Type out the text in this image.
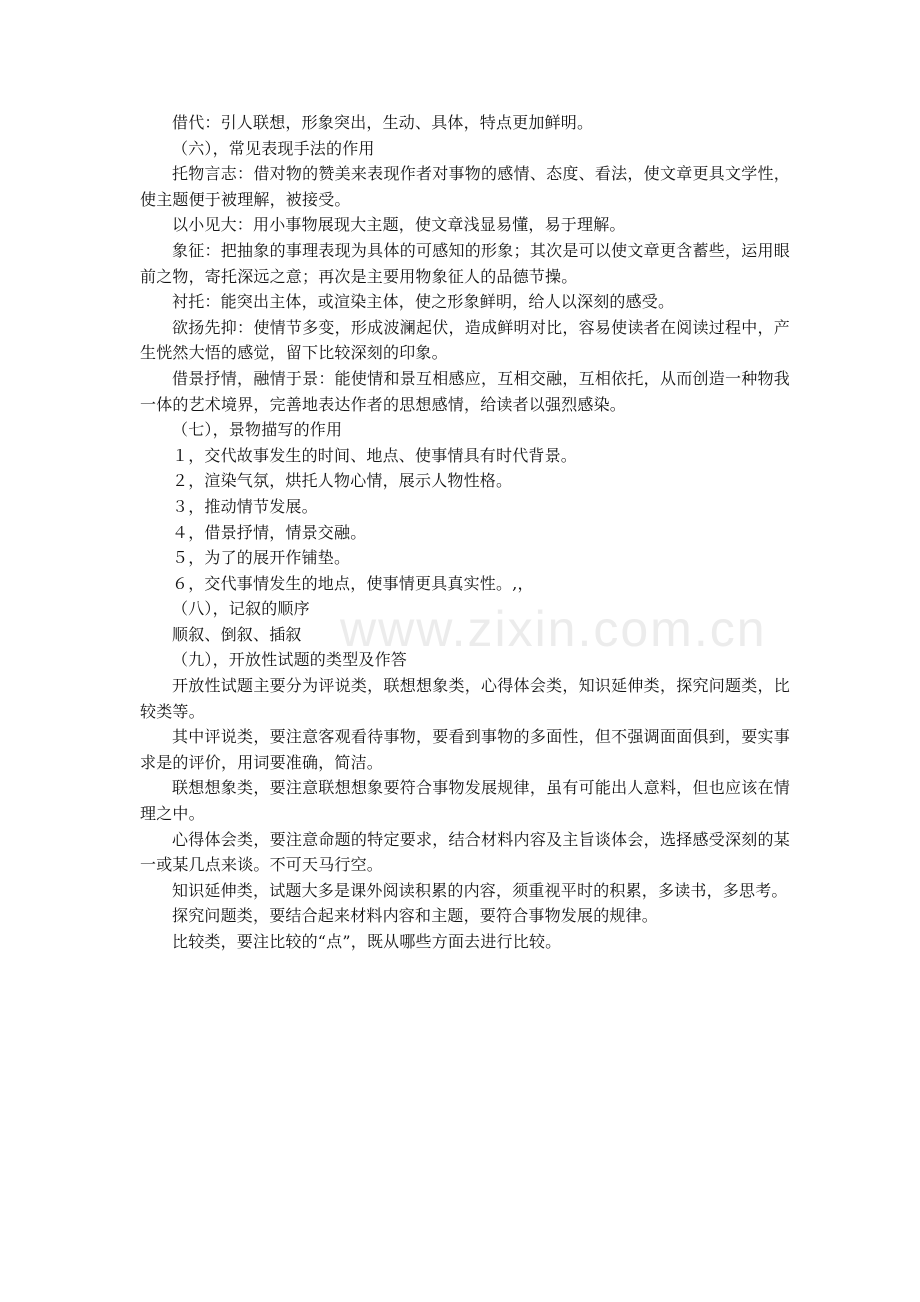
www.zixin.com.cn

借代：引人联想，形象突出，生动、具体，特点更加鲜明。

（六），常见表现手法的作用

托物言志：借对物的赞美来表现作者对事物的感情、态度、看法，使文章更具文学性，使主题便于被理解，被接受。

以小见大：用小事物展现大主题，使文章浅显易懂，易于理解。

象征：把抽象的事理表现为具体的可感知的形象；其次是可以使文章更含蓄些，运用眼前之物，寄托深远之意；再次是主要用物象征人的品德节操。

衬托：能突出主体，或渲染主体，使之形象鲜明，给人以深刻的感受。

欲扬先抑：使情节多变，形成波澜起伏，造成鲜明对比，容易使读者在阅读过程中，产生恍然大悟的感觉，留下比较深刻的印象。

借景抒情，融情于景：能使情和景互相感应，互相交融，互相依托，从而创造一种物我一体的艺术境界，完善地表达作者的思想感情，给读者以强烈感染。

（七），景物描写的作用

１，交代故事发生的时间、地点、使事情具有时代背景。

２，渲染气氛，烘托人物心情，展示人物性格。

３，推动情节发展。

４，借景抒情，情景交融。

５，为了的展开作铺垫。

６，交代事情发生的地点，使事情更具真实性。,，

（八），记叙的顺序

顺叙、倒叙、插叙

（九），开放性试题的类型及作答

开放性试题主要分为评说类，联想想象类，心得体会类，知识延伸类，探究问题类，比较类等。

其中评说类，要注意客观看待事物，要看到事物的多面性，但不强调面面俱到，要实事求是的评价，用词要准确，简洁。

联想想象类，要注意联想想象要符合事物发展规律，虽有可能出人意料，但也应该在情理之中。

心得体会类，要注意命题的特定要求，结合材料内容及主旨谈体会，选择感受深刻的某一或某几点来谈。不可天马行空。

知识延伸类，试题大多是课外阅读积累的内容，须重视平时的积累，多读书，多思考。

探究问题类，要结合起来材料内容和主题，要符合事物发展的规律。

比较类，要注比较的“点”，既从哪些方面去进行比较。
